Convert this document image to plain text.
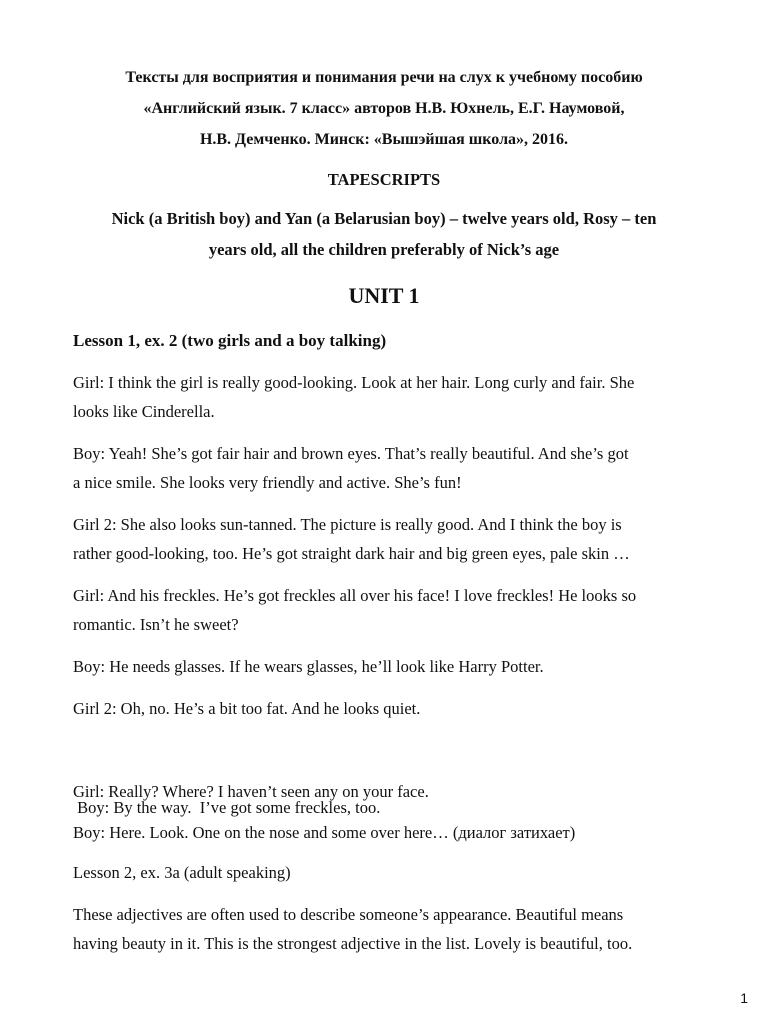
Тексты для восприятия и понимания речи на слух к учебному пособию
«Английский язык. 7 класс» авторов Н.В. Юхнель, Е.Г. Наумовой,
Н.В. Демченко. Минск: «Вышэйшая школа», 2016.
TAPESCRIPTS
Nick (a British boy) and Yan (a Belarusian boy) – twelve years old, Rosy – ten
years old, all the children preferably of Nick’s age
UNIT 1
Lesson 1, ex. 2 (two girls and a boy talking)
Girl: I think the girl is really good-looking. Look at her hair. Long curly and fair. She
looks like Cinderella.
Boy: Yeah! She’s got fair hair and brown eyes. That’s really beautiful. And she’s got
a nice smile. She looks very friendly and active. She’s fun!
Girl 2: She also looks sun-tanned. The picture is really good. And I think the boy is
rather good-looking, too. He’s got straight dark hair and big green eyes, pale skin …
Girl: And his freckles. He’s got freckles all over his face! I love freckles! He looks so
romantic. Isn’t he sweet?
Boy: He needs glasses. If he wears glasses, he’ll look like Harry Potter.
Girl 2: Oh, no. He’s a bit too fat. And he looks quiet.

Boy: By the way.  I’ve got some freckles, too.

Girl: Really? Where? I haven’t seen any on your face.
Boy: Here. Look. One on the nose and some over here… (диалог затихает)
Lesson 2, ex. 3a (adult speaking)
These adjectives are often used to describe someone’s appearance. Beautiful means
having beauty in it. This is the strongest adjective in the list. Lovely is beautiful, too.
1
